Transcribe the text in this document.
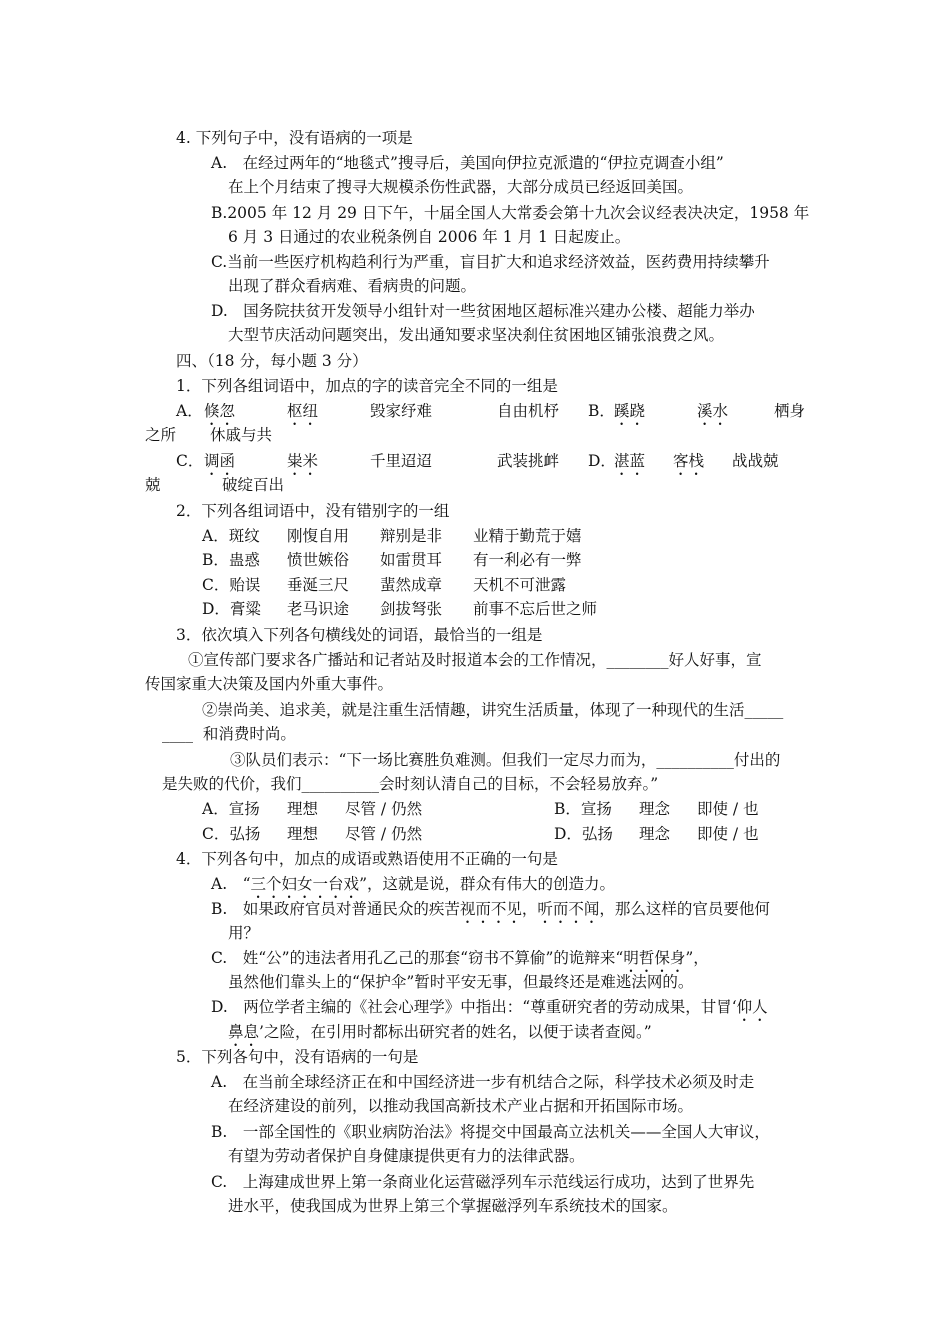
4. 下列句子中，没有语病的一项是
A.　在经过两年的“地毯式”搜寻后，美国向伊拉克派遣的“伊拉克调查小组”
在上个月结束了搜寻大规模杀伤性武器，大部分成员已经返回美国。
B.2005 年 12 月 29 日下午，十届全国人大常委会第十九次会议经表决决定，1958 年
6 月 3 日通过的农业税条例自 2006 年 1 月 1 日起废止。
C.当前一些医疗机构趋利行为严重，盲目扩大和追求经济效益，医药费用持续攀升
出现了群众看病难、看病贵的问题。
D.　国务院扶贫开发领导小组针对一些贫困地区超标准兴建办公楼、超能力举办
大型节庆活动问题突出，发出通知要求坚决刹住贫困地区铺张浪费之风。
四、（18 分，每小题 3 分）
1．下列各组词语中，加点的字的读音完全不同的一组是
A． 倏忽	枢纽	毁家纾难	自由机杼 B． 蹊跷	溪水	栖身
之所 休戚与共
C． 调函	粜米	千里迢迢	武装挑衅 D．
湛蓝 客栈 战战兢
兢	破绽百出
2．下列各组词语中，没有错别字的一组
A．斑纹 刚愎自用 辩别是非 业精于勤荒于嬉
B．蛊惑 愤世嫉俗 如雷贯耳 有一利必有一弊
C．贻误 垂涎三尺 蜚然成章 天机不可泄露
D．膏粱 老马识途 剑拔弩张 前事不忘后世之师
3．依次填入下列各句横线处的词语，最恰当的一组是
①宣传部门要求各广播站和记者站及时报道本会的工作情况，________好人好事，宣
传国家重大决策及国内外重大事件。
②崇尚美、追求美，就是注重生活情趣，讲究生活质量，体现了一种现代的生活_____
____  和消费时尚。
③队员们表示：“下一场比赛胜负难测。但我们一定尽力而为，__________付出的
是失败的代价，我们__________会时刻认清自己的目标，不会轻易放弃。”
A．宣扬 理想 尽管 / 仍然	B．宣扬 理念 即使 / 也
C．弘扬 理想 尽管 / 仍然	D．弘扬 理念 即使 / 也
4．下列各句中，加点的成语或熟语使用不正确的一句是
A.　“三个妇女一台戏”，这就是说，群众有伟大的创造力。
B.　如果政府官员对普通民众的疾苦视而不见，听而不闻，那么这样的官员要他何
用？
C.　姓“公”的违法者用孔乙己的那套“窃书不算偷”的诡辩来“明哲保身”，
虽然他们靠头上的“保护伞”暂时平安无事，但最终还是难逃法网的。
D.　两位学者主编的《社会心理学》中指出：“尊重研究者的劳动成果，甘冒‘仰人
鼻息’之险，在引用时都标出研究者的姓名，以便于读者查阅。”
5．下列各句中，没有语病的一句是
A.　在当前全球经济正在和中国经济进一步有机结合之际，科学技术必须及时走
在经济建设的前列，以推动我国高新技术产业占据和开拓国际市场。
B.　一部全国性的《职业病防治法》将提交中国最高立法机关——全国人大审议，
有望为劳动者保护自身健康提供更有力的法律武器。
C.　上海建成世界上第一条商业化运营磁浮列车示范线运行成功，达到了世界先
进水平，使我国成为世界上第三个掌握磁浮列车系统技术的国家。
